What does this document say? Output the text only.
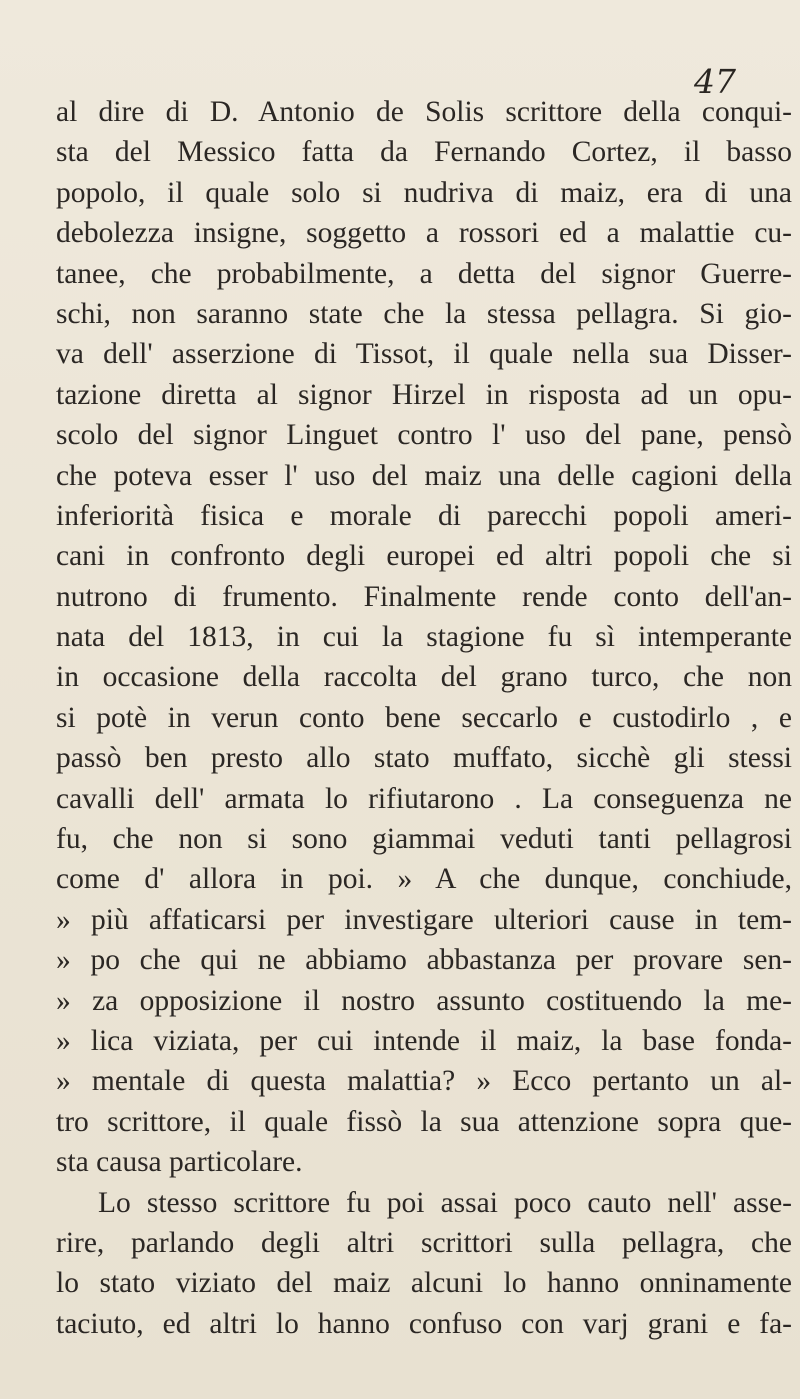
47
al dire di D. Antonio de Solis scrittore della conqui-
sta del Messico fatta da Fernando Cortez, il basso
popolo, il quale solo si nudriva di maiz, era di una
debolezza insigne, soggetto a rossori ed a malattie cu-
tanee, che probabilmente, a detta del signor Guerre-
schi, non saranno state che la stessa pellagra. Si gio-
va dell' asserzione di Tissot, il quale nella sua Disser-
tazione diretta al signor Hirzel in risposta ad un opu-
scolo del signor Linguet contro l' uso del pane, pensò
che poteva esser l' uso del maiz una delle cagioni della
inferiorità fisica e morale di parecchi popoli ameri-
cani in confronto degli europei ed altri popoli che si
nutrono di frumento. Finalmente rende conto dell'an-
nata del 1813, in cui la stagione fu sì intemperante
in occasione della raccolta del grano turco, che non
si potè in verun conto bene seccarlo e custodirlo , e
passò ben presto allo stato muffato, sicchè gli stessi
cavalli dell' armata lo rifiutarono . La conseguenza ne
fu, che non si sono giammai veduti tanti pellagrosi
come d' allora in poi. » A che dunque, conchiude,
» più affaticarsi per investigare ulteriori cause in tem-
» po che qui ne abbiamo abbastanza per provare sen-
» za opposizione il nostro assunto costituendo la me-
» lica viziata, per cui intende il maiz, la base fonda-
» mentale di questa malattia? » Ecco pertanto un al-
tro scrittore, il quale fissò la sua attenzione sopra que-
sta causa particolare.
Lo stesso scrittore fu poi assai poco cauto nell' asse-
rire, parlando degli altri scrittori sulla pellagra, che
lo stato viziato del maiz alcuni lo hanno onninamente
taciuto, ed altri lo hanno confuso con varj grani e fa-
